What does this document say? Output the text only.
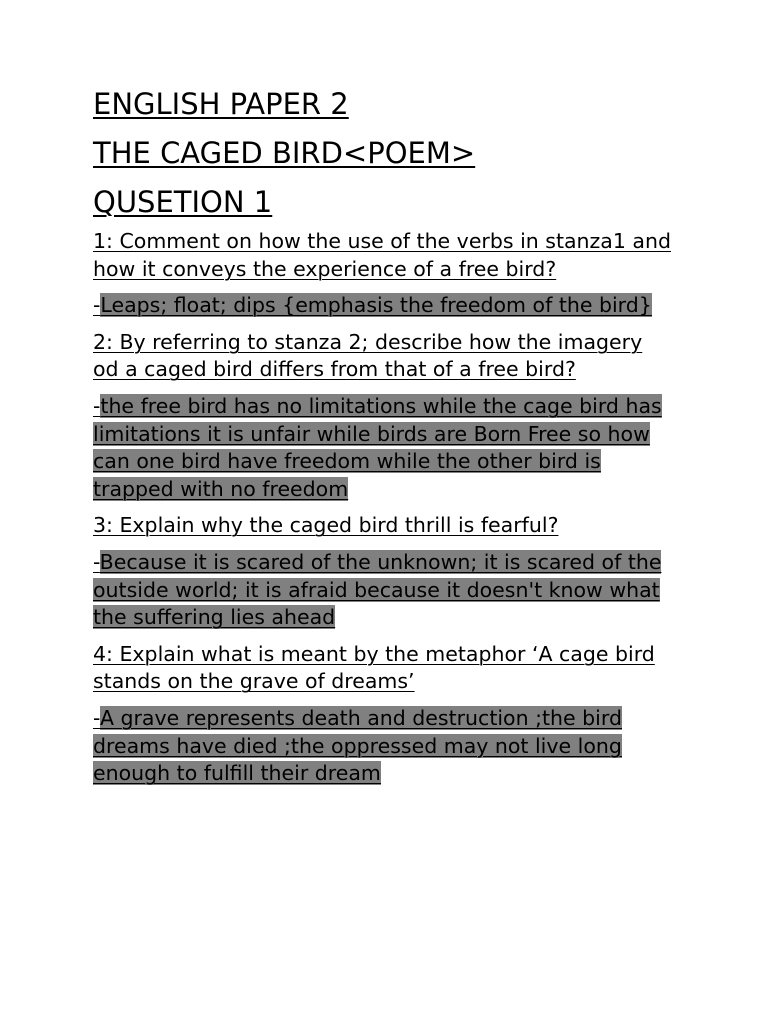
ENGLISH PAPER 2
THE CAGED BIRD<POEM>
QUSETION 1
1: Comment on how the use of the verbs in stanza1 and how it conveys the experience of a free bird?
-Leaps; float; dips {emphasis the freedom of the bird}
2: By referring to stanza 2; describe how the imagery od a caged bird differs from that of a free bird?
-the free bird has no limitations while the cage bird has limitations it is unfair while birds are Born Free so how can one bird have freedom while the other bird is trapped with no freedom
3: Explain why the caged bird thrill is fearful?
-Because it is scared of the unknown; it is scared of the outside world; it is afraid because it doesn't know what the suffering lies ahead
4: Explain what is meant by the metaphor ‘A cage bird stands on the grave of dreams’
-A grave represents death and destruction ;the bird dreams have died ;the oppressed may not live long enough to fulfill their dream
